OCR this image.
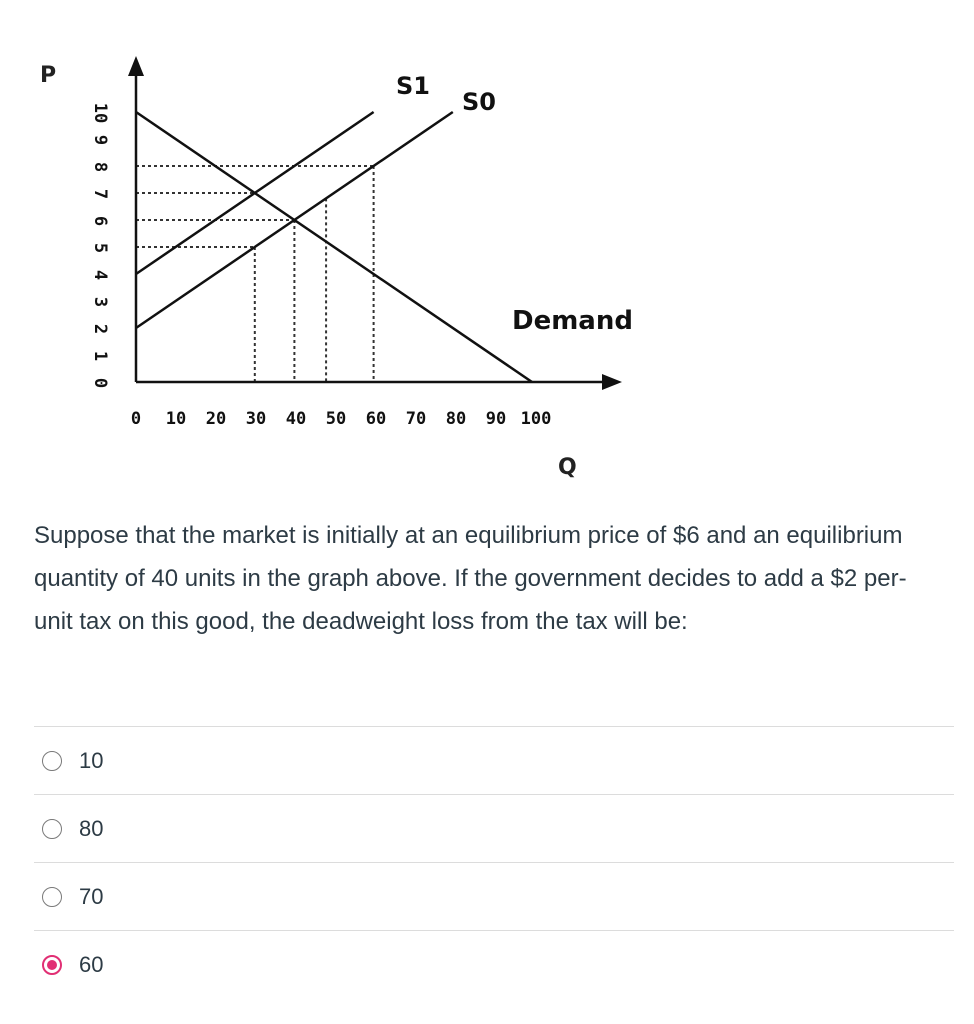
0
1
2
3
4
5
6
7
8
9
10
0 10 20 30 40 50 60 70 80 90 100
P
Q
Demand
S1
S0

Suppose that the market is initially at an equilibrium price of $6 and an equilibrium quantity of 40 units in the graph above. If the government decides to add a $2 per-unit tax on this good, the deadweight loss from the tax will be:

10
80
70
60
